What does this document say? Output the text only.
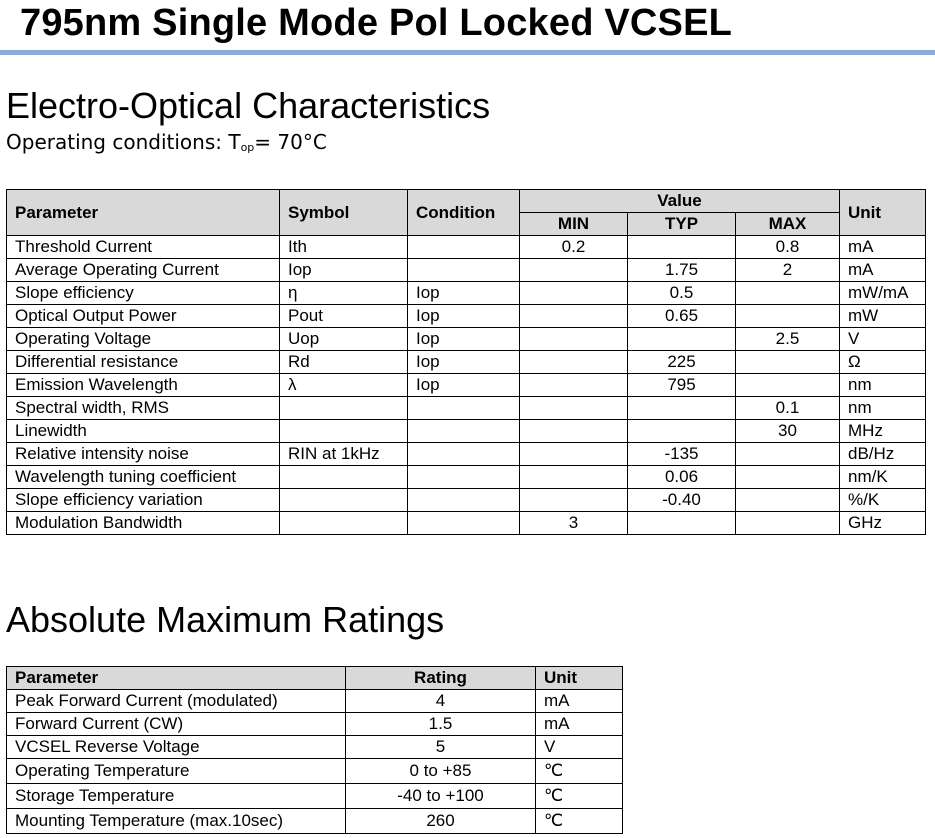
795nm Single Mode Pol Locked VCSEL
Electro-Optical Characteristics
Operating conditions: $T_{op}= 70^\circ C$
Parameter	Symbol	Condition	Value			Unit
			MIN	TYP	MAX	
Threshold Current	Ith		0.2		0.8	mA
Average Operating Current	Iop			1.75	2	mA
Slope efficiency	η	Iop		0.5		mW/mA
Optical Output Power	Pout	Iop		0.65		mW
Operating Voltage	Uop	Iop			2.5	V
Differential resistance	Rd	Iop		225		Ω
Emission Wavelength	λ	Iop		795		nm
Spectral width, RMS					0.1	nm
Linewidth					30	MHz
Relative intensity noise	RIN at 1kHz			-135		dB/Hz
Wavelength tuning coefficient				0.06		nm/K
Slope efficiency variation				-0.40		%/K
Modulation Bandwidth			3			GHz
Absolute Maximum Ratings
Parameter	Rating	Unit
Peak Forward Current (modulated)	4	mA
Forward Current (CW)	1.5	mA
VCSEL Reverse Voltage	5	V
Operating Temperature	0 to +85	℃
Storage Temperature	-40 to +100	℃
Mounting Temperature (max.10sec)	260	℃
